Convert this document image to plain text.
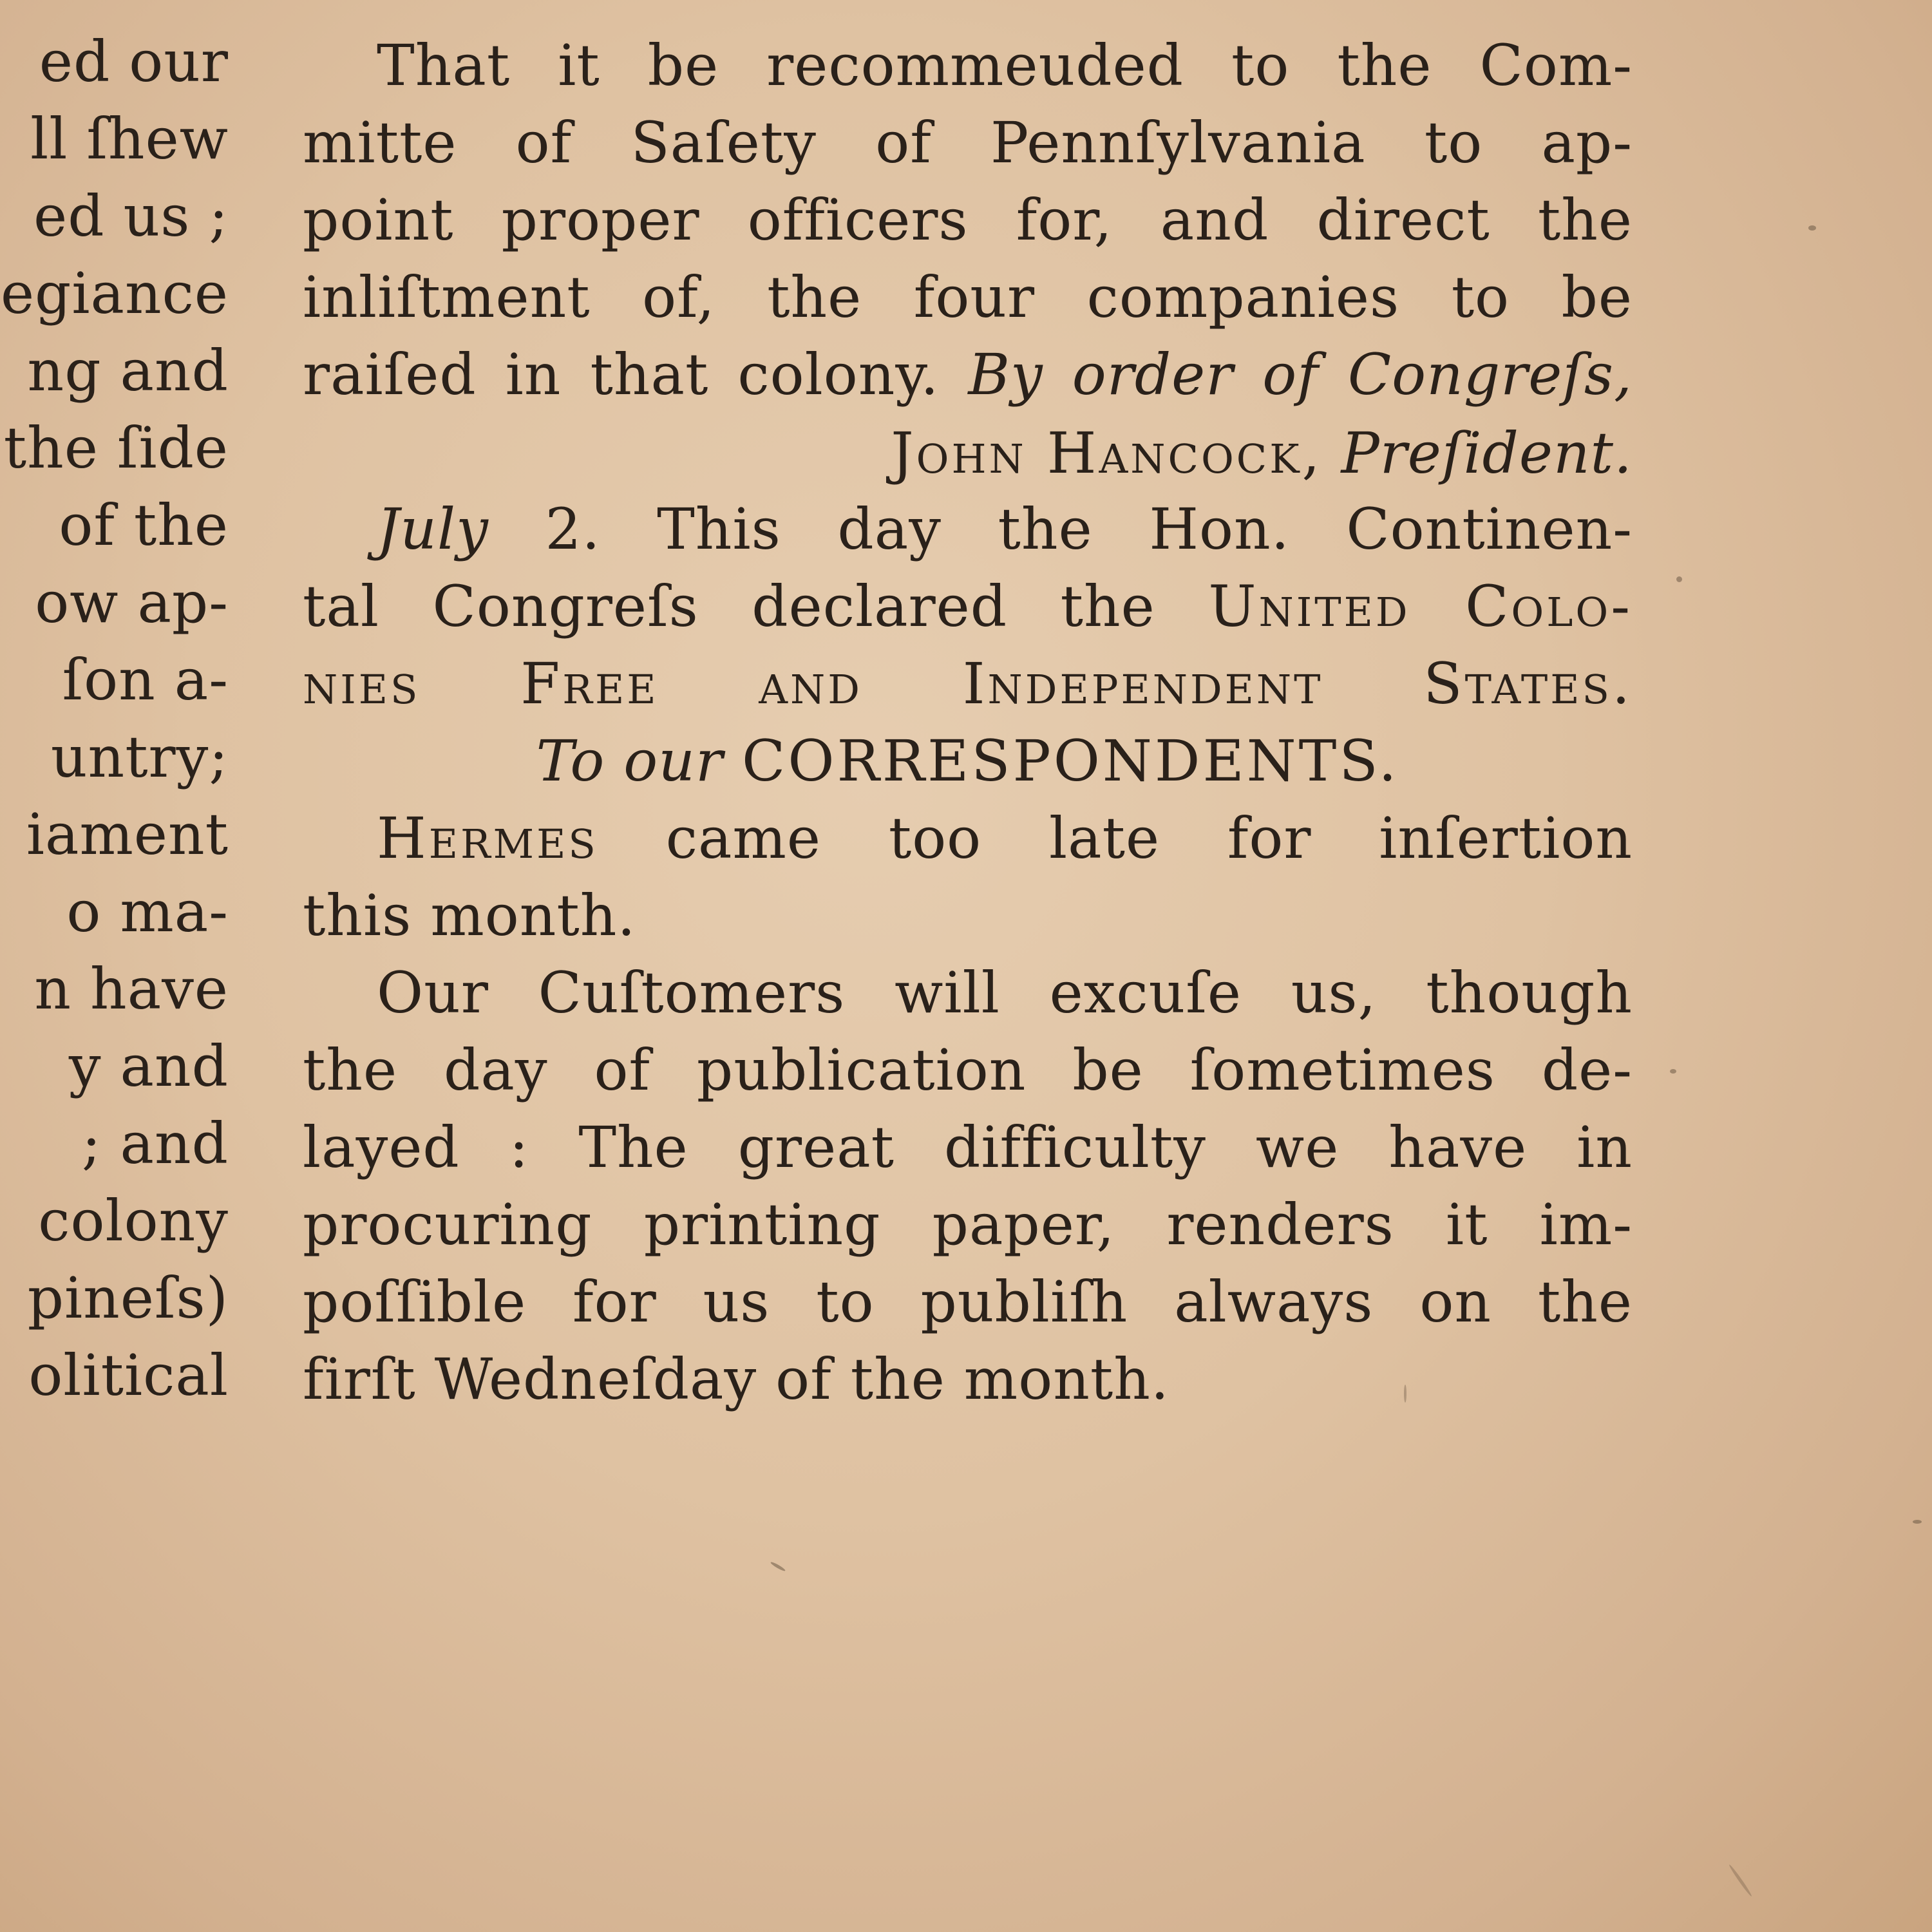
ed our
ll ſhew
ed us ;
egiance
ng and
the ſide
of the
ow ap-
ſon a-
untry;
iament
o ma-
n have
y and
; and
colony
pineſs)
olitical
That it be recommeuded to the Com-
mitte of Saſety of Pennſylvania to ap-
point proper officers for, and direct the
inliſtment of, the four companies to be
raiſed in that colony. By order of Congreſs,
John Hancock, Preſident.
July 2. This day the Hon. Continen-
tal Congreſs declared the United Colo-
nies Free and Independent States.
To our CORRESPONDENTS.
Hermes came too late for inſertion
this month.
Our Cuſtomers will excuſe us, though
the day of publication be ſometimes de-
layed : The great difficulty we have in
procuring printing paper, renders it im-
poſſible for us to publiſh always on the
firſt Wedneſday of the month.
